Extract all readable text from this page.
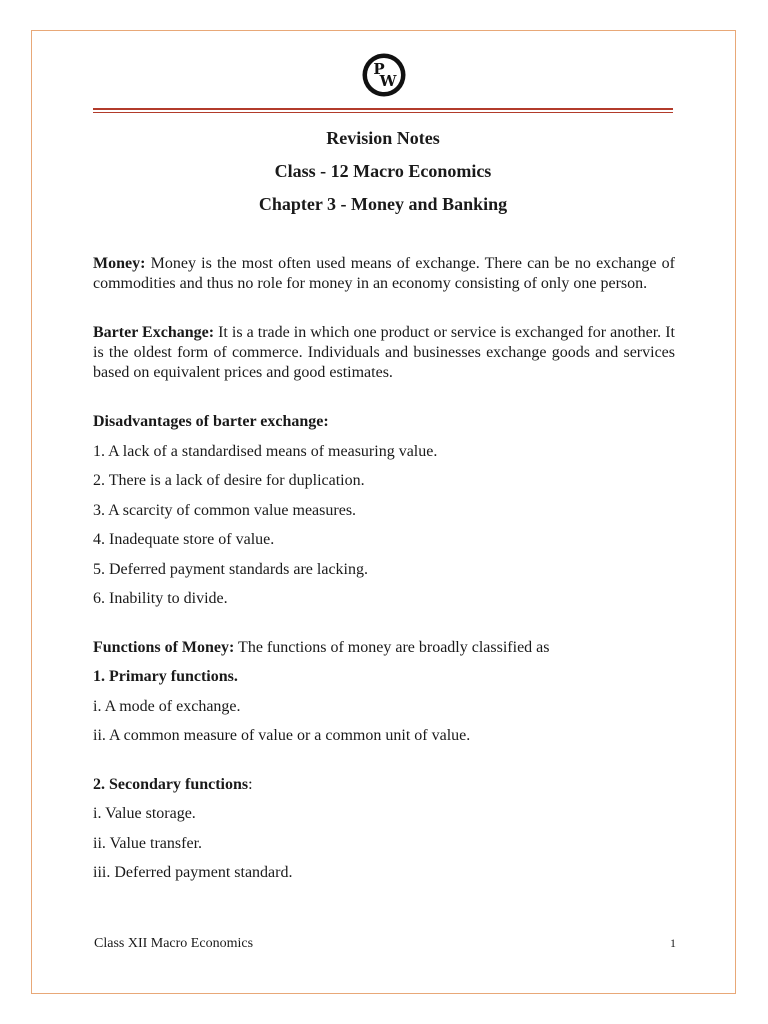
P
W
Revision Notes
Class - 12 Macro Economics
Chapter 3 - Money and Banking

Money: Money is the most often used means of exchange. There can be no exchange of commodities and thus no role for money in an economy consisting of only one person.

Barter Exchange: It is a trade in which one product or service is exchanged for another. It is the oldest form of commerce. Individuals and businesses exchange goods and services based on equivalent prices and good estimates.

Disadvantages of barter exchange:
1. A lack of a standardised means of measuring value.
2. There is a lack of desire for duplication.
3. A scarcity of common value measures.
4. Inadequate store of value.
5. Deferred payment standards are lacking.
6. Inability to divide.
Functions of Money: The functions of money are broadly classified as
1. Primary functions.
i. A mode of exchange.
ii. A common measure of value or a common unit of value.
2. Secondary functions:
i. Value storage.
ii. Value transfer.
iii. Deferred payment standard.
Class XII Macro Economics	1
